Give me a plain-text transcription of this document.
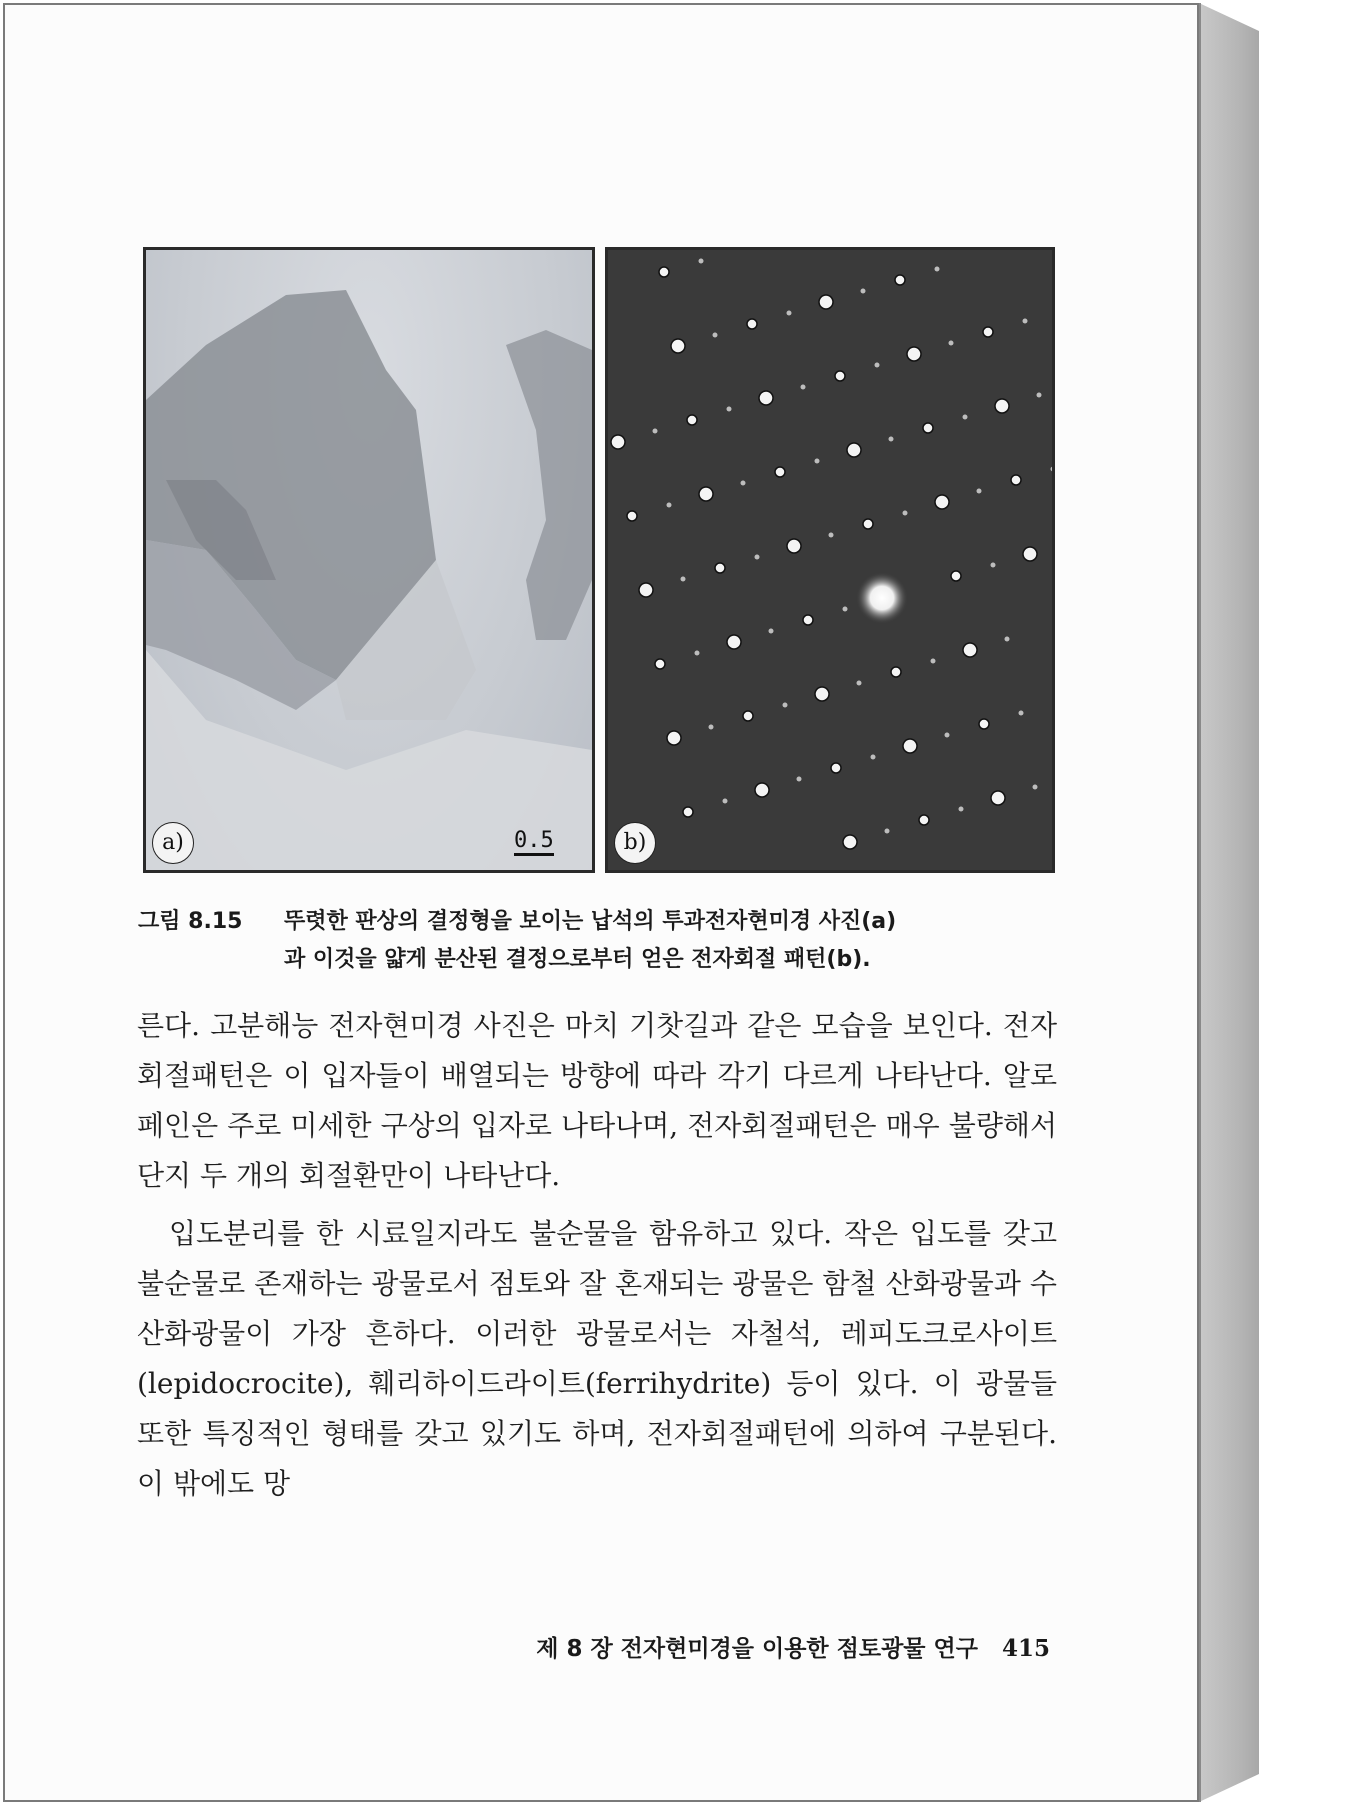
a)	0.5	b)
그림 8.15 뚜렷한 판상의 결정형을 보이는 납석의 투과전자현미경 사진(a)
과 이것을 얇게 분산된 결정으로부터 얻은 전자회절 패턴(b).

른다. 고분해능 전자현미경 사진은 마치 기찻길과 같은 모습을 보인다. 전자회절패턴은 이 입자들이 배열되는 방향에 따라 각기 다르게 나타난다. 알로페인은 주로 미세한 구상의 입자로 나타나며, 전자회절패턴은 매우 불량해서 단지 두 개의 회절환만이 나타난다.

입도분리를 한 시료일지라도 불순물을 함유하고 있다. 작은 입도를 갖고 불순물로 존재하는 광물로서 점토와 잘 혼재되는 광물은 함철 산화광물과 수산화광물이 가장 흔하다. 이러한 광물로서는 자철석, 레피도크로사이트(lepidocrocite), 훼리하이드라이트(ferrihydrite) 등이 있다. 이 광물들 또한 특징적인 형태를 갖고 있기도 하며, 전자회절패턴에 의하여 구분된다. 이 밖에도 망

제 8 장 전자현미경을 이용한 점토광물 연구 415
